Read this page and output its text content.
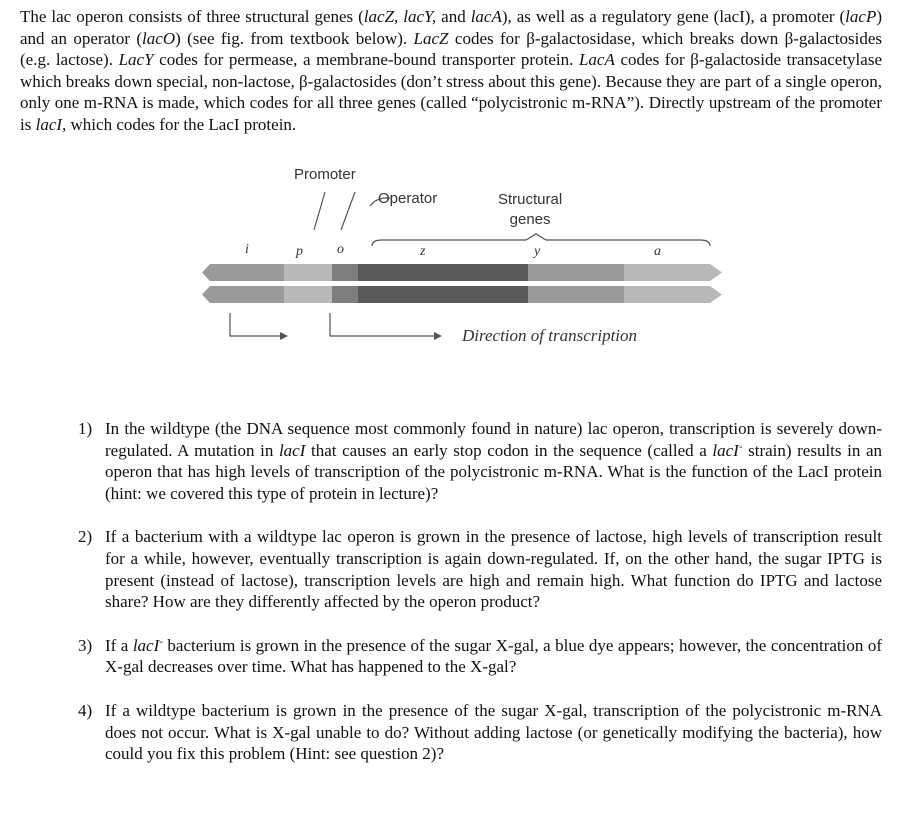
The lac operon consists of three structural genes (lacZ, lacY, and lacA), as well as a regulatory gene (lacI), a promoter (lacP) and an operator (lacO) (see fig. from textbook below). LacZ codes for β-galactosidase, which breaks down β-galactosides (e.g. lactose). LacY codes for permease, a membrane-bound transporter protein. LacA codes for β-galactoside transacetylase which breaks down special, non-lactose, β-galactosides (don’t stress about this gene). Because they are part of a single operon, only one m-RNA is made, which codes for all three genes (called “polycistronic m-RNA”). Directly upstream of the promoter is lacI, which codes for the LacI protein.

Promoter
Operator	Structural
genes
i	p o	z	y	a
Direction of transcription
1) In the wildtype (the DNA sequence most commonly found in nature) lac operon, transcription is severely down-regulated. A mutation in lacI that causes an early stop codon in the sequence (called a lacI- strain) results in an operon that has high levels of transcription of the polycistronic m-RNA. What is the function of the LacI protein (hint: we covered this type of protein in lecture)?
2) If a bacterium with a wildtype lac operon is grown in the presence of lactose, high levels of transcription result for a while, however, eventually transcription is again down-regulated. If, on the other hand, the sugar IPTG is present (instead of lactose), transcription levels are high and remain high. What function do IPTG and lactose share? How are they differently affected by the operon product?
3) If a lacI- bacterium is grown in the presence of the sugar X-gal, a blue dye appears; however, the concentration of X-gal decreases over time. What has happened to the X-gal?
4) If a wildtype bacterium is grown in the presence of the sugar X-gal, transcription of the polycistronic m-RNA does not occur. What is X-gal unable to do? Without adding lactose (or genetically modifying the bacteria), how could you fix this problem (Hint: see question 2)?
